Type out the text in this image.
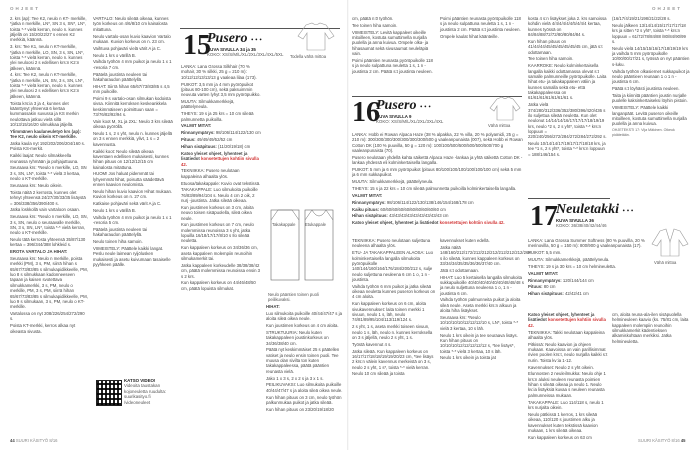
OHJEET	OHJEET

2. krs (ap): Tee K2, neulo n KT- merkille, *jatka n merkille, LN*, SN 3 s, SN*, LN*, toista *-* vielä kerran, neulo n. kunnes jäljellä on 15/20/22/27 s ennen K2 merkkiä, käännä.

3. krs: Tee K1, neulo n KT-merkille, *jatka n merkille, LO, SN, 3 s, SN, LN*, toista *-* vielä kerran, neulo n. kunnes ylei neuloosi 2 s edellisen krs:n K2:n jälkeen, käännä.

4. krs: Tee K2, neulo n KT-merkille, *jatka n merkille, LN, SN, 3 s, SN, LN*, toista *-* vielä kerran, neulo n. kunnes ylei neuloosi 2 s edellisen krs:n K2:n jälkeen, käännä.

Toista krs:ia 3 ja 4, kunnes olet käänttynyt yhteensä 6 kertaa kummassakin suvussa ja KS merkin neulottava jatkuu vielä sillä 10/13/15/16/20 silmukkaa jäljellä.

Ylimmänen kaulaneuletyö krs (ap): Tee K2, neulo oikein KT-merkille.

Jatka kaula nyt 192/202/206/204/160 s. Poista KS-merkit.

Kaikki laajat: Neulo silmakkeella reunassa ryhmään ja pohjajuttuuna.

Seuraava krs: *Neulo n merkille, LO, SN 3 s, SN, LN*, toista *-* vielä 3 kertaa, neulo o KT-merkille.

Seuraava krs: Neulo oikein.

Toista näitä 2 kerrosta, kunnes olet tehnyt yhteensä 24/27/30/33/35 lisäystä = 306/338/356/390/400 s.

Jatka loskkollä vain vartaloon osaan.

Seuraava krs: *Neulo n merkille, LO, SN, 3 s, SN, neulo o seuraavalle merkille, SN, 3 s, SN, LN*, toista *-* vielä kerran, neulo o KT-merkille.

Neulo tätä kerrosta yhteensä 35/87/130 kertaa = 396/344/388 lohkleid s.

EROTA VARTALO JA HIHAT:

Seuraava krs: Neulo n merkille, poista merkki (PM), 3 s, PM, siirrä hihan s 65/67/73/83/85 s silmukapidikkeelle, PM, luo 8 s silmukkaan kadonneeseen tapaan ja kaisen svotettava silmukkamerkki, 3 s, PM, neulo o merkille, PM, 3 s, PM, siirrä hihan 65/67/73/83/85 s silmukapidikkeelle, PM, luo 9 s silmukaan, 3 s, PM, neulo o KT-merkille.

Vartalossa on nyt 208/226/254/272/290 s.

Poista KT-merkki, kerros alkaa nyt oikeasta sivusta.

VARTALO: Neulo sileää oikeaa, kunnes työn korkeus on 4/6/8/10 cm kainalosta mitattuna.

Neulo vartalo-osan kuvio kaavion Vartalo mukaan. Kuvion korkeus on n. 23 cm.

Vaihtuva pohjaväri vielä värit A ja C.

Neulo 1 krs o värillä B.

Vaihda työhön 4 mm puikot ja neulo 1 x 1 -resoria 7 cm.

Päätelä joustinta neuleen tai hakaharaudon päättelyllä.

HIHAT: Siirrä hihan 65/67/73/83/85 s 4,5 mm puikoille.

Poimi 9 s vartalo-osan silmukan kodoista sivsa. Kiinnitä kerroksen keskeankkela keskimmäiseen poimittuun saan = 73/76/82/92/94 s.

Vain koot M, XL ja 2XL: Neulo 3 krs sileää oikeaa pyöröllä.

Neulo 1 s, 2 s yht, neulo n. kunnes jäljellä on 3 s ennen merkkiä, ylivt, 1 s = 2 kavennusta.

Kaikki koot: Neulo sileää oikeaa kaventaen edellisen mukaisesti, kunnes hihan pituus on 12/12/12/15 cm kainalosta mitattuna.

HUOM! Jos haluat pidemmät tai lyhyemmät hihat, poisutta säädettävä ennen kaavion neulomista.

Neulo hihan kuvio kaavion Hihat mukaan. Kuvion korkeus on n. 27 cm.

Katkaise pohjaväri sekä värit A ja C.

Neulo 1 krs o värillä B.

Vaihda työhön 4 mm puikot ja neulo 1 x 1 -resoria 5 cm.

Päätelä joustinta neuleen tai hakaharaudon päättelyllä.

Neulo toinen hiha samoin.

VIIMEISTELY: Päättele kaikki langat. Peslu neule laimean ryijölusken mukaisesti ja asetu kuivumaan tasaiselle pyyhkeen päälle.

KATSO VIDEO!
Videoita taustakan kojoneuletta ruudulta: suurikasityo.fi /videoneuleet
15
Pusero • • •
KUVA SIVULLA 34 ja 35
KOKO: XS/S/M/L/XL/2XL/3XL/4XL/5XL	Todella vähä mittoa

LANKA: Lana Grossa Silkhair (70 % mohair, 30 % silkki, 25 g = 210 m): 10/12/12/13/13/13 g vaaleaa lilaa (173).

PUIKOT: 3,5 mm ja 4 mm pyöröpuikot (pituus 80-100 cm), sekä paksuimmin neuvuta varten lyhyt 3,5 mm pyöröpuikko.

MUUTA: Silmukkamerkkejä, päättelyneula.

TIHEYS: 19 s ja 25 krs = 10 cm sileää palmunnetta puikoilla.

VALMIT MITAT:

Rinnanympärys: 98/106/114/122/130 cm

Pituus: 49/49/49/52/52 cm

Hihan sisäpituus: (11/20/19/18) cm

Katso yleiset ohjeet, lyhenteet ja lisätiedot konsetettujen kohtiin sivulla 42.

TEKNIIKKA: Pusero neulotaan kappaleina alhaalta ylös.

Etuosa/takakappale: Kuvio ovat tekstissä.

TAKAKAPPALE: Luo silmukoita puikoille 76/83/89/94/104 s. Neulo 4 cm 2 oik, 2 nurj -joustinta. Jatka sileää oikeaa.

Kun joustimen korkeus on 3 cm, aloita neuvo toisen sisäpuolella, sileä oikea neule.

Kun joustimen korkeus on 7 cm, neulo molemmissa reunoissa 3 s yht, jatka lopuilla 16/18/17/17/8/10 s Ilo sileää neuletta.

Kun kappaleen korkeus on 34/36/36 cm, aseta kappaleen molempiin reunoihin silmukamerkit tai.

Jatka kappaleen korkeudelle 38/38/38/42 cm, päätä molemmissa reunoissa ensin 3 s 2 krs.

Kun kappaleen korkeus on 44/46/48/50 cm, päätä lopuista silmukat.

Takakappale Etukappale
Neulo pääntien toinen puoli peilikuvaksi.

HIHAT:

Luo silmukoita puikoille 40/44/47/47 s ja aloita sileä oikea neule.

Kun joustimen korkeus on 4 cm aloita.

STRUKTUURIA: Neulo kuten takakappaleen joustinkorkeus on 34/36/38/40 cm.

Päätä nyt keskimmäiset 25 s päätellen vatiset ja neulo ensin toinen puoli. Tee muusa olan sivilta ton kuten takakappaleessa, päätä pääntien reunasta vielä.

Jako 1 x 3 s, 2 x 2 s ja 3 x 1 s.

PEILIKUVAKSI: Luo silmukoita puikoille 40/44/47/47 s ja aloita sileä oikea neule.

Kun hihan pituus on 3 cm, neulo työhön palkunmukaa puikot ja jatka sileää.

Kun hihan pituus on 23/20/19/18/20

cm, päätä n:0 työhön.

Tee toinen hiha samoin.

VIIMEISTELY: Levitä kappaleet oikeille mitoilleen, kostuta sumuttimella nurjalla puolella ja anna kuivua. Ompele olka- ja hihasaumat sekä sivusaumat neuleläpiä vain.

Poimi pääntien reunasta pyöröpuikolle 118 s ja neulo sulpattuna neuletta 1 s, 1 n -joustinta 2 cm. Päätä s:t joustinta neuleen.

Poimi pääntien reunasta pyöröpuikolle 118 s ja neulo sulpattuna neuletta 1 s, 1 n -joustinta 2 cm. Päätä s:t joustinta neuleen.

Ompele kaulat hihat käänteille.

16
Pusero • • •
KUVA SIVULLA 9
KOKO: XS/S/M/L/XL/2XL/3XL/4XL
Vähä mittoa

LANKA: Hobb ei Rowan Alpaca Haze (38 % alpakka, 22 % villa, 20 % polyamidi, 25 g = 210 m): 300/300/300/300/300/300/300/500 g vaaleanpunaista (007), sekä Hobb ei Rowan Cotton DK (100 % puuvilla, 50 g = 120 m): 100/100/500/500/500/500/500/700 g vaaleanpunaista (70).

Pusero neulotaan yhdellä kahta säikettä Alpaca Haze -lankaa ja yhtä säikettä Cotton DK -lankaa yhdessä eli kolminkertaisella langalla.

PUIKOT: 5 mm ja 6 mm pyöröpuikot (pituus 80/100/100/100/100/100/100 cm) sekä 5 mm ja 6 mm sukkapuikot.

MUUTA: Silmukkamerkkejä, päättelyneula.

TIHEYS: 15 s ja 22 krs = 10 cm sileää palmunnetta puikoilla kolminkertaisella langalla.

VALMIT MITAT:

Rinnanympärys: 98/106/114/122/130/138/146/154/168/178 cm

Kaiku pituus: 60/60/60/60/60/60/60/60/60/60 cm

Hihan sisäpituus: 43/43/43/43/43/43/43/43/43 cm

Katso yleiset ohjeet, lyhenteet ja lisätiedot konsetettujen kohtiin sivulla 42.

TEKNIIKKA: Pusero neulotaan suljettuna neuleena alhaalta ylös.

ETU- JA TAKAKAPPALEEN ALAOSA: Luo kolminkertaisella langalla silmukoita pyöröpuikolle 140/144/160/164/176/184/200/212 s, sulje neulo suljettuna neuleena 6 cm 1 o, 1 n -joustinta.

Vaihda työhön 6 mm puikot ja jatka sileää oikeaa neuletta kunnes puseron korkeus on 4 cm aloita.

Kun kappaleen korkeus on 6 cm, aloita sivukavennukset: laita toinen merkki 1 sivuun, neulo 1 s, läh, neulo 74/81/89/95/104/113/119/124 s.

2 s yht, 1 s, aseta merkki toiseen sivuun, neulo 1 s, läh, neulo n. kunnes kerroksella on 3 s jäljellä, neulo 2 s yht, 1 s.

Työstä kavennut 4 s.

Jatka sileää. Kun kappaleen korkeus on 16/17/17/18/18/19/19/20/23 cm, *tee lisäys 2 krs:n välein kavennus merkeistä on 3 s, neulo 2 s yht, 1 s*, toista *-* vielä kerran.

Neulo 10 cm sileää ja toista

kavennukset kuten edellä.

Jatka näitä 148/160/212/172/212/212/212/212/212/212/268 s ilo sileää, kunnes kappaleen korkeus on 33/34/34/35/35/36/36/37/40 cm.

Jätä s:t odottamaan.

HIHAT: Luo 5 kertaisella langalla silmukoita sukkapuikoille 40/40/40/40/40/40/48/48/48 s ja neulo suljettuna neuleena 1 o, 1 n -joustinta 6 cm.

Vaihda työhön palmunneita puikot ja aloita sileä neule. Aseta merkki krs:n alkuun ja aloita hiha lisäykset.

Seuraava krs: *Neulo 10/10/10/10/12/12/12/10 s, LN*, toista *-* vielä 3 kertaa, 10 s läh.

Neulo 1 krs oikein ja tee seuraava lisäys. Kun hihan pituus on 10/10/10/12/12/12/12/12 s, *tee lisäys*, toista *-* vielä 3 kertaa, 10 s läh.

Neulo 1 krs oikein ja toista jat

kosta 4 s:n lisäykset joka 2. krs samoissa kohdin vielä 4/4/4/4/4/4/5/4/4/4 kertaa, kunnes työssä on 84/84/88/72/72/80/80/84/84 s.

Kun hihan pituus on 41/44/44/45/45/45/45/45/45 cm, jätä s:t odottamaan.

Tee toinen hiha samoin.

KAARROKE: Neulo kolminkertaisella langalla kaikki odottamassa olevat s:t samalle palmunneille pyöröpuikolle. Laita hihat etu- ja takakappaleen väliin ja kunnes samalla sekä etu- että takakappaleessa on 61/61/61/61/61/61/61 s.

Jatka vielä 374/280/312/336/352/380/396/420/436 s ilo suljettua sileää neuletta. Kun olet neulonut 14/14/14/16/17/17/17/18/19/19 krs, neulo *2 s, 2 s yht*, toista *-* krs:n loppuun = 220/240/256/272/284/272/284/272/292 s.

Neulo 10/14/14/17/19/17/17/18/18 krs, ja tee *1 s, 2 s yht*, toista *-* krs:n loppuun = 188/146/154 s.

(16/17/4/19/21/198/21/22/28 s.

Neulo jälkeen 13/14/14/15/17/17/17/18 krs ja sitten *2 s yht*, toista *-* krs:n loppuun = 61/72/78/84/88 /80/84/90/99 s.

Neulo vielä 14/15/15/16/17/18/19/19 krs ja vaihda 5 mm pyöröpuikolle 10/00/00/17/21 s, työssä on nyt pääntien s-luku.

Vaihda työhön olkasiernet sukkapuikot ja neulo pääntieen reunaan 1 o 1 n -joustinta 6 cm.

Päätä s:t löyhästi joustinta neuleen.

Taita ja kiinnitä pääntien joustin nurjalle puolelle kaksinkertaiseksi löyhin pistoin.

VIIMEISTELY: Päättele kaikki langanpäät. Levitä puseron oikeille mitoilleen, kostuta sumuttimella nurjalla puolella ja anna kuivua.

OHJETEKSTI 17: Vija Mäkinen. Oikeuk pidätetään.

17
Neuletakki • • •
KUVA SIVULLA 36
KOKO: 36/38/40/42/44/46
Vähä mittoa

LANKA: Lana Grossa Summer Softness (80 % puuvilla, 20 % merinovilla, 50 g = 150 m): 800/900 g vaaleanpunaista (17).

PUIKOT: 5,5 mm.

MUUTA: Silmukkamerkkejä, päättelyneula.

TIHEYS: 19 s ja 30 krs = 10 cm helmineuletta.

VALMIT MITAT:

Rinnanympärys: 120/144/144 cm

Pituus: 80 cm

Hihan sisäpituus: 42/42/41 cm

Katso yleiset ohjeet, lyhenteet ja lisätiedot konsetettujen kohtiin sivulla 42.

TEKNIIKKA: Takki neulotaan kappaleina alhaalta ylös.

Pitkissä: Neulo kaavion ja ohjeen mukaan. Kaavoissa on vain parillisimmat rivien poolen krs:t, neulo nurjalla kaikki s:t nurin. Toista kv:ia 1-12.

Kavennukset: Neulo 2 s yht oikein.

Elunnosten 2 neuleilmukka: Neulo ohje 1 krs:n aluksi neuleen reunasta poimien hihan s sileää oikeaa ja neulo 1. Neulo kv:ia lisäyksiä kuvaa s neuleen reunasta palmunneissa mukaan.

TAKAKAPPALE: Luo 114/118 s, neulo 1 krs nurjalta oikein.

Neulo pätkissä 1 kerros, 1 krs sileää oikeaa, 110/120 s joustimen alku ja kavennukset kuten tekstissä kaavion mukaan, 1 krs sileää oikeaa.

Kun kappaleen korkeus on 63 cm

cm, aloita reuna-ala-ilen sisäpuolella helmineuleen kaavio (ks. 75/81 cm, laita kappaleen molempiin reunoihin silmukkamerkit kädentieksen alkamiskohtaan merkiksi. Jatka helmineuletta.

44 SUURI KÄSITYÖ 8/16	SUURI KÄSITYÖ 8/16 45
